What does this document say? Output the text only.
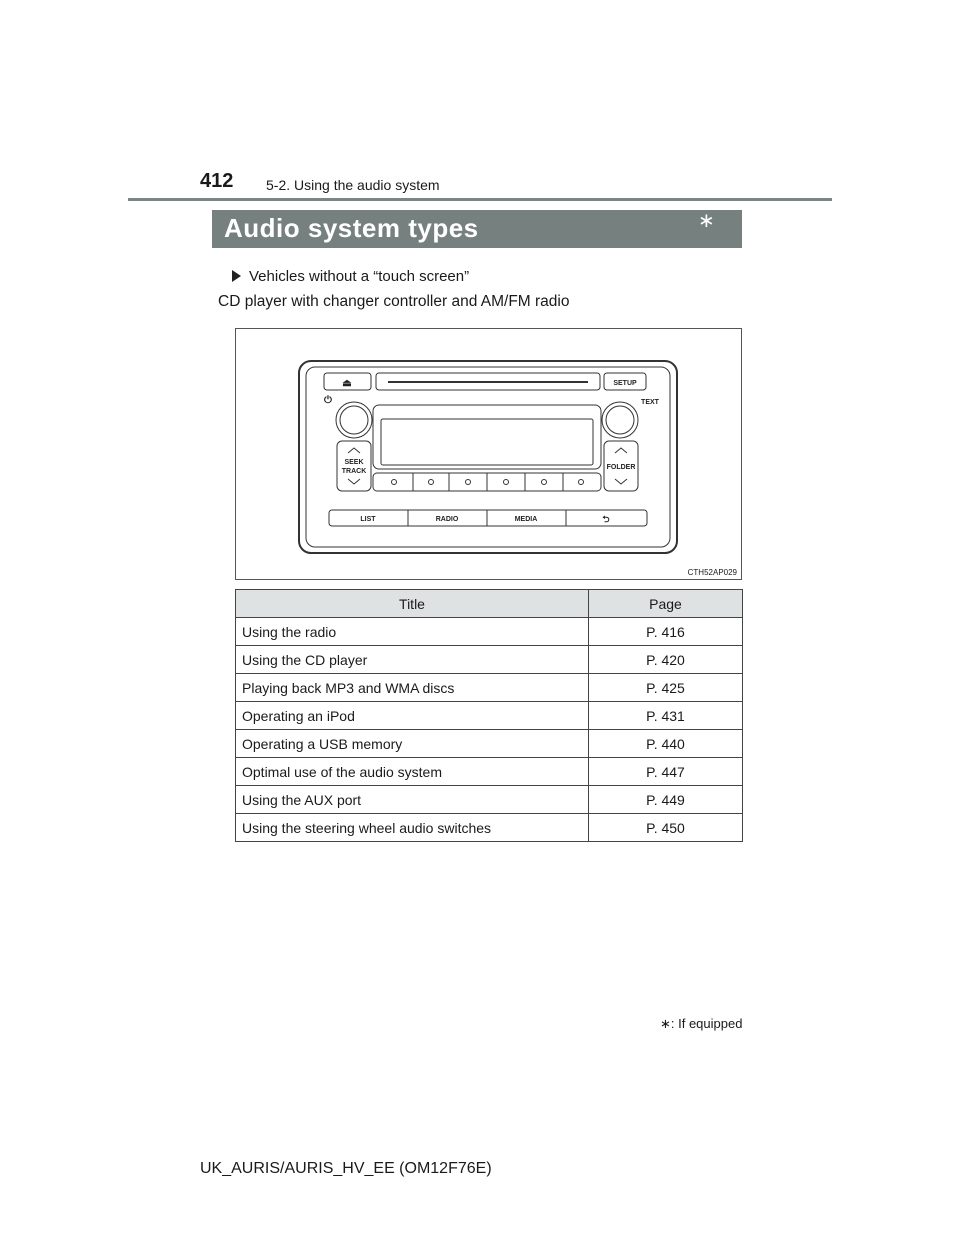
412 5-2. Using the audio system
Audio system types	∗
Vehicles without a “touch screen”
CD player with changer controller and AM/FM radio
⏏	SETUP
⏻	TEXT
SEEK
TRACK
FOLDER
LIST	RADIO	MEDIA	⮌
CTH52AP029
Title	Page
Using the radio	P. 416
Using the CD player	P. 420
Playing back MP3 and WMA discs	P. 425
Operating an iPod	P. 431
Operating a USB memory	P. 440
Optimal use of the audio system	P. 447
Using the AUX port	P. 449
Using the steering wheel audio switches	P. 450
∗: If equipped
UK_AURIS/AURIS_HV_EE (OM12F76E)
